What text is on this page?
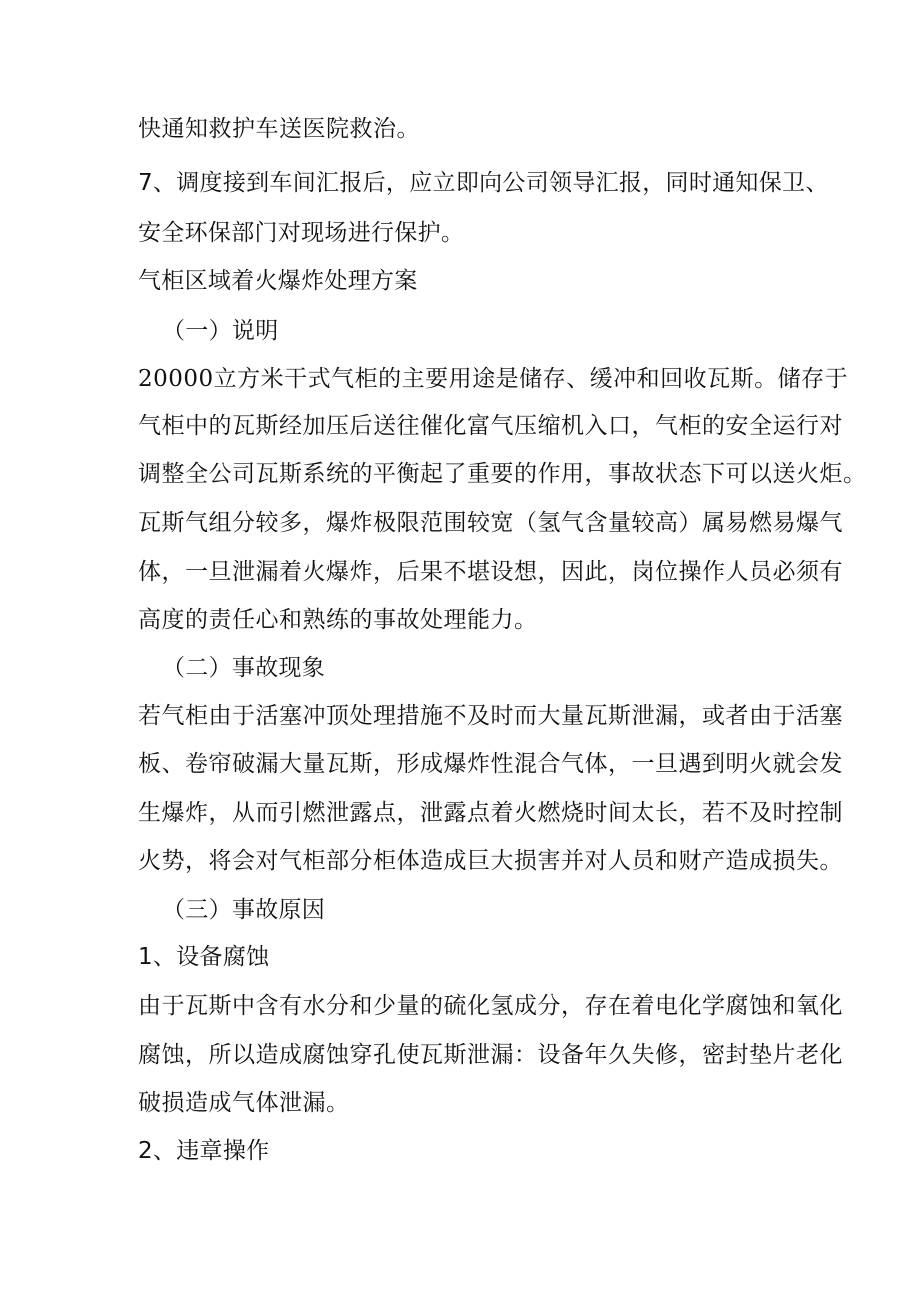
快通知救护车送医院救治。
7、调度接到车间汇报后，应立即向公司领导汇报，同时通知保卫、
安全环保部门对现场进行保护。
气柜区域着火爆炸处理方案
（一）说明
20000立方米干式气柜的主要用途是储存、缓冲和回收瓦斯。储存于
气柜中的瓦斯经加压后送往催化富气压缩机入口，气柜的安全运行对
调整全公司瓦斯系统的平衡起了重要的作用，事故状态下可以送火炬。
瓦斯气组分较多，爆炸极限范围较宽（氢气含量较高）属易燃易爆气
体，一旦泄漏着火爆炸，后果不堪设想，因此，岗位操作人员必须有
高度的责任心和熟练的事故处理能力。
（二）事故现象
若气柜由于活塞冲顶处理措施不及时而大量瓦斯泄漏，或者由于活塞
板、卷帘破漏大量瓦斯，形成爆炸性混合气体，一旦遇到明火就会发
生爆炸，从而引燃泄露点，泄露点着火燃烧时间太长，若不及时控制
火势，将会对气柜部分柜体造成巨大损害并对人员和财产造成损失。
（三）事故原因
1、设备腐蚀
由于瓦斯中含有水分和少量的硫化氢成分，存在着电化学腐蚀和氧化
腐蚀，所以造成腐蚀穿孔使瓦斯泄漏：设备年久失修，密封垫片老化
破损造成气体泄漏。
2、违章操作
